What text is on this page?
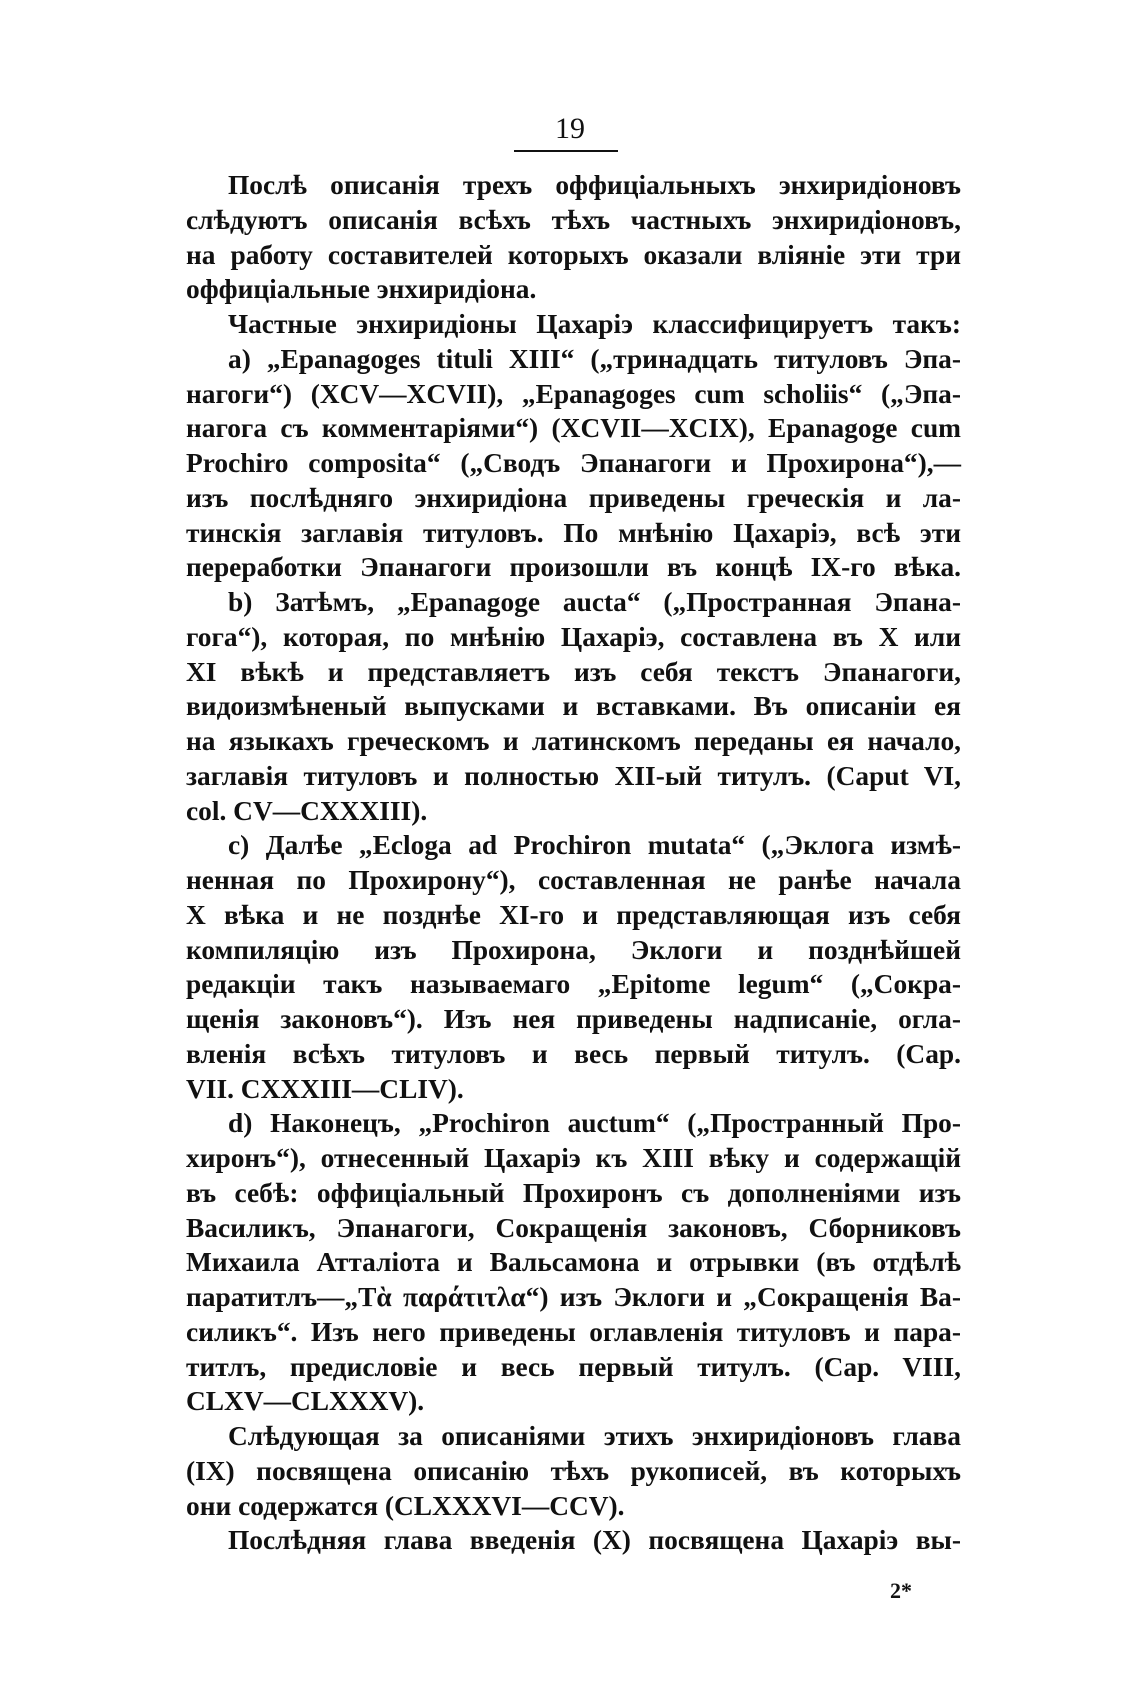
19
Послѣ описанія трехъ оффиціальныхъ энхиридіоновъ
слѣдуютъ описанія всѣхъ тѣхъ частныхъ энхиридіоновъ,
на работу составителей которыхъ оказали вліяніе эти три
оффиціальные энхиридіона.
Частные энхиридіоны Цахаріэ классифицируетъ такъ:
a) „Epanagoges tituli XIII“ („тринадцать титуловъ Эпа-
нагоги“) (XCV—XCVII), „Epanagoges cum scholiis“ („Эпа-
нагога съ комментаріями“) (XCVII—XCIX), Epanagoge cum
Prochiro composita“ („Сводъ Эпанагоги и Прохирона“),—
изъ послѣдняго энхиридіона приведены греческія и ла-
тинскія заглавія титуловъ. По мнѣнію Цахаріэ, всѣ эти
переработки Эпанагоги произошли въ концѣ IX-го вѣка.
b) Затѣмъ, „Epanagoge aucta“ („Пространная Эпана-
гога“), которая, по мнѣнію Цахаріэ, составлена въ X или
XI вѣкѣ и представляетъ изъ себя текстъ Эпанагоги,
видоизмѣненый выпусками и вставками. Въ описаніи ея
на языкахъ греческомъ и латинскомъ переданы ея начало,
заглавія титуловъ и полностью XII-ый титулъ. (Caput VI,
col. CV—CXXXIII).
c) Далѣе „Ecloga ad Prochiron mutata“ („Эклога измѣ-
ненная по Прохирону“), составленная не ранѣе начала
X вѣка и не позднѣе XI-го и представляющая изъ себя
компиляцію изъ Прохирона, Эклоги и позднѣйшей
редакціи такъ называемаго „Epitome legum“ („Сокра-
щенія законовъ“). Изъ нея приведены надписаніе, огла-
вленія всѣхъ титуловъ и весь первый титулъ. (Cap.
VII. CXXXIII—CLIV).
d) Наконецъ, „Prochiron auctum“ („Пространный Про-
хиронъ“), отнесенный Цахаріэ къ XIII вѣку и содержащій
въ себѣ: оффиціальный Прохиронъ съ дополненіями изъ
Василикъ, Эпанагоги, Сокращенія законовъ, Сборниковъ
Михаила Атталіота и Вальсамона и отрывки (въ отдѣлѣ
паратитлъ—„Τὰ παράτιτλα“) изъ Эклоги и „Сокращенія Ва-
силикъ“. Изъ него приведены оглавленія титуловъ и пара-
титлъ, предисловіе и весь первый титулъ. (Cap. VIII,
CLXV—CLXXXV).
Слѣдующая за описаніями этихъ энхиридіоновъ глава
(IX) посвящена описанію тѣхъ рукописей, въ которыхъ
они содержатся (CLXXXVI—CCV).
Послѣдняя глава введенія (X) посвящена Цахаріэ вы-
2*
